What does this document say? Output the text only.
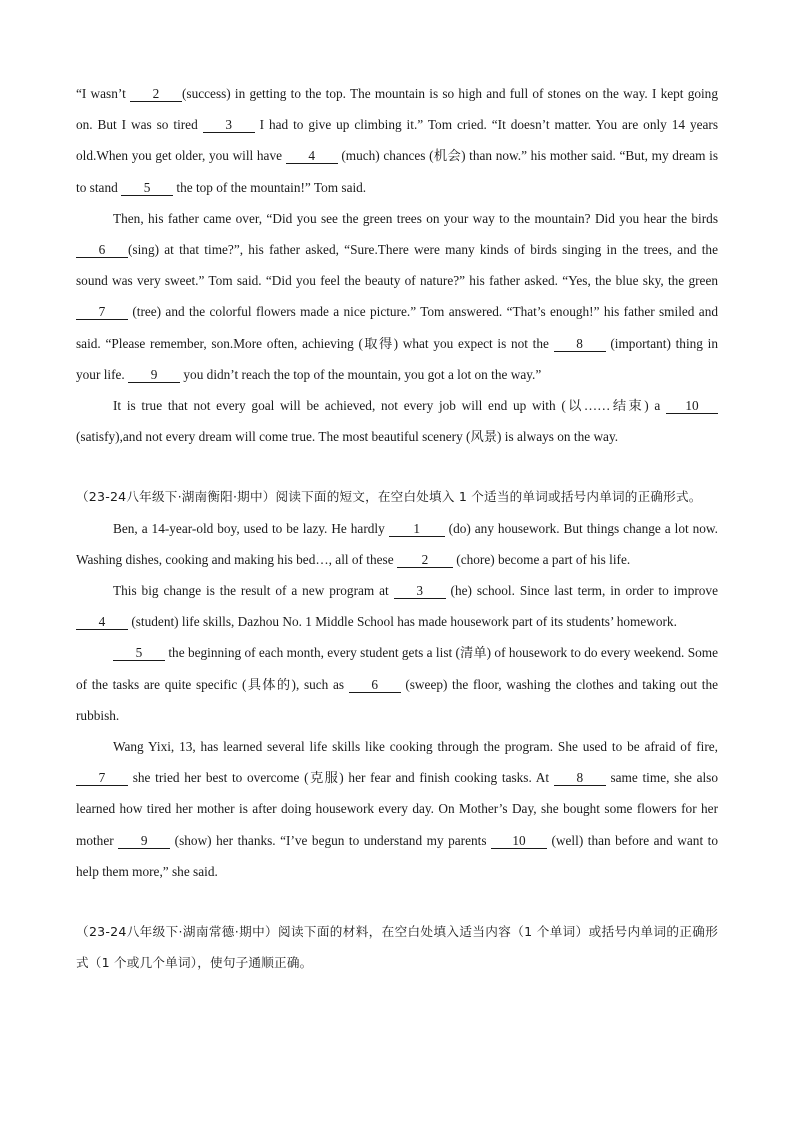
“I wasn’t 2 (success) in getting to the top. The mountain is so high and full of stones on the way. I kept going on. But I was so tired 3 I had to give up climbing it.” Tom cried. “It doesn’t matter. You are only 14 years old.When you get older, you will have 4 (much) chances (机会) than now.” his mother said. “But, my dream is to stand 5 the top of the mountain!” Tom said.

Then, his father came over, “Did you see the green trees on your way to the mountain? Did you hear the birds 6 (sing) at that time?”, his father asked, “Sure.There were many kinds of birds singing in the trees, and the sound was very sweet.” Tom said. “Did you feel the beauty of nature?” his father asked. “Yes, the blue sky, the green 7 (tree) and the colorful flowers made a nice picture.” Tom answered. “That’s enough!” his father smiled and said. “Please remember, son.More often, achieving (取得) what you expect is not the 8 (important) thing in your life. 9 you didn’t reach the top of the mountain, you got a lot on the way.”

It is true that not every goal will be achieved, not every job will end up with (以……结束) a 10 (satisfy),and not every dream will come true. The most beautiful scenery (风景) is always on the way.

（23-24八年级下·湖南衡阳·期中）阅读下面的短文，在空白处填入 1 个适当的单词或括号内单词的正确形式。

Ben, a 14-year-old boy, used to be lazy. He hardly 1 (do) any housework. But things change a lot now. Washing dishes, cooking and making his bed…, all of these 2 (chore) become a part of his life.

This big change is the result of a new program at 3 (he) school. Since last term, in order to improve 4 (student) life skills, Dazhou No. 1 Middle School has made housework part of its students’ homework.

5 the beginning of each month, every student gets a list (清单) of housework to do every weekend. Some of the tasks are quite specific (具体的), such as 6 (sweep) the floor, washing the clothes and taking out the rubbish.

Wang Yixi, 13, has learned several life skills like cooking through the program. She used to be afraid of fire, 7 she tried her best to overcome (克服) her fear and finish cooking tasks. At 8 same time, she also learned how tired her mother is after doing housework every day. On Mother’s Day, she bought some flowers for her mother 9 (show) her thanks. “I’ve begun to understand my parents 10 (well) than before and want to help them more,” she said.

（23-24八年级下·湖南常德·期中）阅读下面的材料，在空白处填入适当内容（1 个单词）或括号内单词的正确形式（1 个或几个单词），使句子通顺正确。
